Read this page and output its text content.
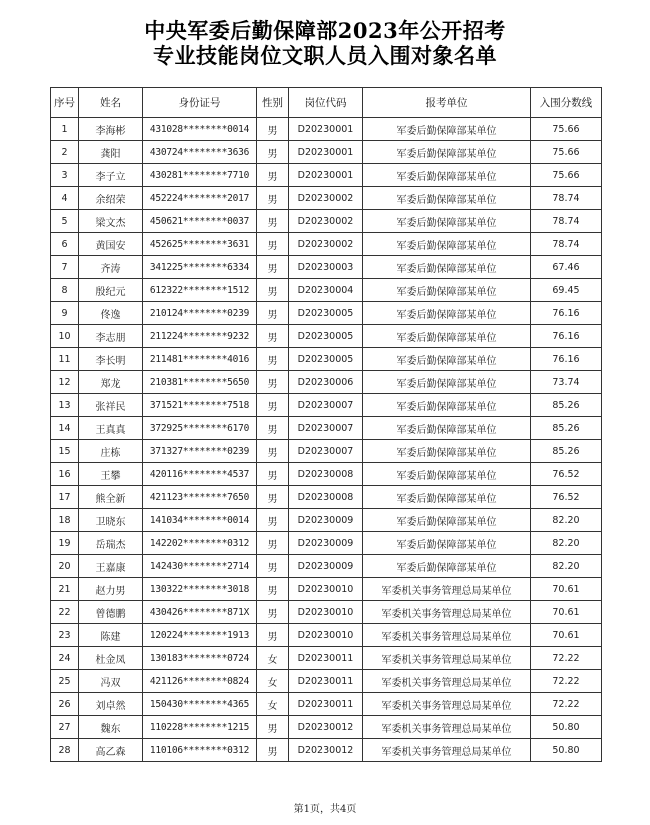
中央军委后勤保障部2023年公开招考
专业技能岗位文职人员入围对象名单
序号	姓名	身份证号	性别	岗位代码	报考单位	入围分数线
1	李海彬	431028********0014	男	D20230001	军委后勤保障部某单位	75.66
2	龚阳	430724********3636	男	D20230001	军委后勤保障部某单位	75.66
3	李子立	430281********7710	男	D20230001	军委后勤保障部某单位	75.66
4	余绍荣	452224********2017	男	D20230002	军委后勤保障部某单位	78.74
5	梁文杰	450621********0037	男	D20230002	军委后勤保障部某单位	78.74
6	黄国安	452625********3631	男	D20230002	军委后勤保障部某单位	78.74
7	齐涛	341225********6334	男	D20230003	军委后勤保障部某单位	67.46
8	殷纪元	612322********1512	男	D20230004	军委后勤保障部某单位	69.45
9	佟逸	210124********0239	男	D20230005	军委后勤保障部某单位	76.16
10	李志朋	211224********9232	男	D20230005	军委后勤保障部某单位	76.16
11	李长明	211481********4016	男	D20230005	军委后勤保障部某单位	76.16
12	郑龙	210381********5650	男	D20230006	军委后勤保障部某单位	73.74
13	张祥民	371521********7518	男	D20230007	军委后勤保障部某单位	85.26
14	王真真	372925********6170	男	D20230007	军委后勤保障部某单位	85.26
15	庄栋	371327********0239	男	D20230007	军委后勤保障部某单位	85.26
16	王攀	420116********4537	男	D20230008	军委后勤保障部某单位	76.52
17	熊全新	421123********7650	男	D20230008	军委后勤保障部某单位	76.52
18	卫晓东	141034********0014	男	D20230009	军委后勤保障部某单位	82.20
19	岳瑞杰	142202********0312	男	D20230009	军委后勤保障部某单位	82.20
20	王嘉康	142430********2714	男	D20230009	军委后勤保障部某单位	82.20
21	赵力男	130322********3018	男	D20230010	军委机关事务管理总局某单位	70.61
22	曾德鹏	430426********871X	男	D20230010	军委机关事务管理总局某单位	70.61
23	陈建	120224********1913	男	D20230010	军委机关事务管理总局某单位	70.61
24	杜金凤	130183********0724	女	D20230011	军委机关事务管理总局某单位	72.22
25	冯双	421126********0824	女	D20230011	军委机关事务管理总局某单位	72.22
26	刘卓然	150430********4365	女	D20230011	军委机关事务管理总局某单位	72.22
27	魏东	110228********1215	男	D20230012	军委机关事务管理总局某单位	50.80
28	高乙森	110106********0312	男	D20230012	军委机关事务管理总局某单位	50.80
第1页，共4页
